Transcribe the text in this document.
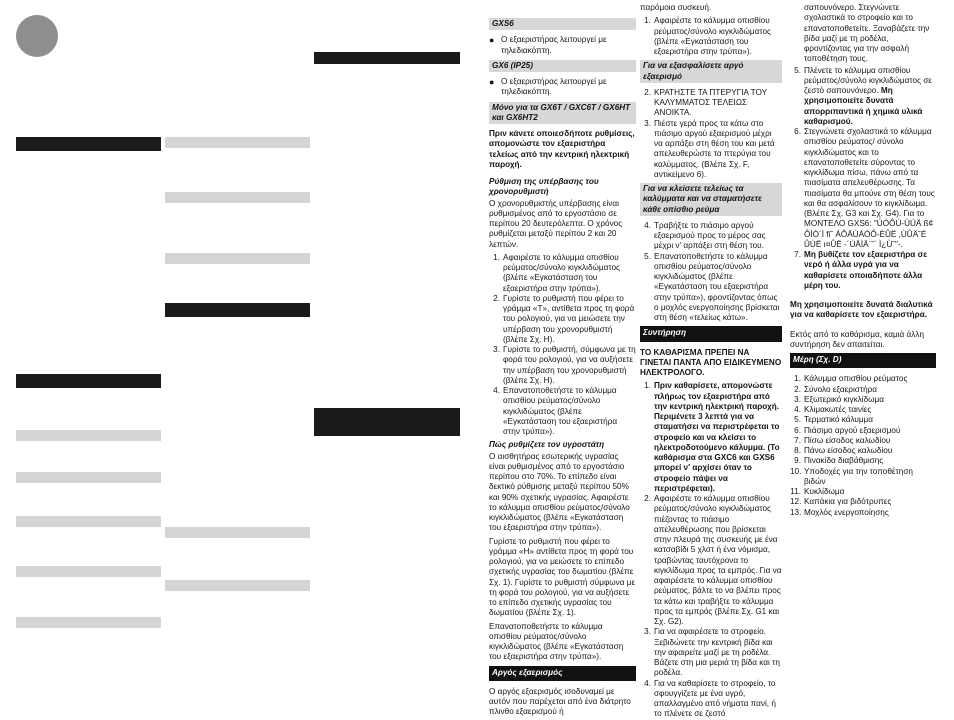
GXS6
● Ο εξαεριστήρας λειτουργεί με τηλεδιακόπτη.
GX6 (IP25)
● Ο εξαεριστήρας λειτουργεί με τηλεδιακόπτη.
Μόνο για τα GX6T / GXC6T / GX6HT και GX6HT2
Πριν κάνετε οποιεσδήποτε ρυθμίσεις, απομονώστε τον εξαεριστήρα τελείως από την κεντρική ηλεκτρική παροχή.
Ρύθμιση της υπέρβασης του χρονορυθμιστή
Ο χρονορυθμιστής υπέρβασης είναι ρυθμισμένος από το εργοστάσιο σε περίπου 20 δευτερόλεπτα. Ο χρόνος ρυθμίζεται μεταξύ περίπου 2 και 20 λεπτών.
1. Αφαιρέστε το κάλυμμα οπισθίου ρεύματος/σύνολο κιγκλιδώματος (βλέπε «Εγκατάσταση του εξαεριστήρα στην τρύπα»).
2. Γυρίστε το ρυθμιστή που φέρει το γράμμα «T», αντίθετα προς τη φορά του ρολογιού, για να μειώσετε την υπέρβαση του χρονορυθμιστή (βλέπε Σχ. H).
3. Γυρίστε το ρυθμιστή, σύμφωνα με τη φορά του ρολογιού, για να αυξήσετε την υπέρβαση του χρονορυθμιστή (βλέπε Σχ. H).
4. Επανατοποθετήστε το κάλυμμα οπισθίου ρεύματος/σύνολο κιγκλιδώματος (βλέπε «Εγκατάσταση του εξαεριστήρα στην τρύπα»).
Πώς ρυθμίζετε τον υγροστάτη
Ο αισθητήρας εσωτερικής υγρασίας είναι ρυθμισμένος από το εργοστάσιο περίπου στο 70%. Το επίπεδο είναι δεκτικό ρύθμισης μεταξύ περίπου 50% και 90% σχετικής υγρασίας. Αφαιρέστε το κάλυμμα οπισθίου ρεύματος/σύνολο κιγκλιδώματος (βλέπε «Εγκατάσταση του εξαεριστήρα στην τρύπα»).
Γυρίστε το ρυθμιστή που φέρει το γράμμα «H» αντίθετα προς τη φορά του ρολογιού, για να μειώσετε το επίπεδο σχετικής υγρασίας του δωματίου (βλέπε Σχ. 1). Γυρίστε το ρυθμιστή σύμφωνα με τη φορά του ρολογιού, για να αυξήσετε το επίπεδο σχετικής υγρασίας του δωματίου (βλέπε Σχ. 1).
Επανατοποθετήστε το κάλυμμα οπισθίου ρεύματος/σύνολο κιγκλιδώματος (βλέπε «Εγκατάσταση του εξαεριστήρα στην τρύπα»).
Αργός εξαερισμός
Ο αργός εξαερισμός ισοδυναμεί με αυτόν που παρέχεται από ένα διάτρητο πλινθο εξαερισμού ή
παρόμοια συσκευή.
1. Αφαιρέστε το κάλυμμα οπισθίου ρεύματος/σύνολο κιγκλιδώματος (βλέπε «Εγκατάσταση του εξαεριστήρα στην τρύπα»).
Για να εξασφαλίσετε αργό εξαερισμό
2. ΚΡΑΤΗΣΤΕ ΤΑ ΠΤΕΡΥΓΙΑ ΤΟΥ ΚΑΛΥΜΜΑΤΟΣ ΤΕΛΕΙΩΣ ΑΝΟΙΚΤΑ.
3. Πιέστε γερά προς τα κάτω στο πιάσιμο αργού εξαερισμού μέχρι να αρπάξει στη θέση του και μετά απελευθερώστε τα πτερύγια του καλύμματος. (Βλέπε Σχ. F, αντικείμενο 6).
Για να κλείσετε τελείως τα καλύμματα και να σταματήσετε κάθε οπίσθιο ρεύμα
4. Τραβήξτε το πιάσιμο αργού εξαερισμού προς το μέρος σας μέχρι ν' αρπάξει στη θέση του.
5. Επανατοποθετήστε το κάλυμμα οπισθίου ρεύματος/σύνολο κιγκλιδώματος (βλέπε «Εγκατάσταση του εξαεριστήρα στην τρύπα»), φροντίζοντας όπως ο μοχλός ενεργοποίησης βρίσκεται στη θέση «τελείως κάτω».
Συντήρηση
ΤΟ ΚΑΘΑΡΙΣΜΑ ΠΡΕΠΕΙ ΝΑ ΓΙΝΕΤΑΙ ΠΑΝΤΑ ΑΠΟ ΕΙΔΙΚΕΥΜΕΝΟ ΗΛΕΚΤΡΟΛΟΓΟ.
1. Πριν καθαρίσετε, απομονώστε πλήρως τον εξαεριστήρα από την κεντρική ηλεκτρική παροχή. Περιμένετε 3 λεπτά για να σταματήσει να περιστρέφεται το στροφείο και να κλείσει το ηλεκτροδοτούμενο κάλυμμα. (Το καθάρισμα στα GXC6 και GXS6 μπορεί ν' αρχίσει όταν το στροφείο πάψει να περιστρέφεται).
2. Αφαιρέστε το κάλυμμα οπισθίου ρεύματος/σύνολο κιγκλιδώματος πιέζοντας το πιάσιμο απελευθέρωσης που βρίσκεται στην πλευρά της συσκευής με ένα κατσαβίδι 5 χλστ ή ένα νόμισμα, τραβώντας ταυτόχρονα το κιγκλίδωμα προς τα εμπρός. Για να αφαιρέσετε το κάλυμμα οπισθίου ρεύματος, βάλτε το να βλέπει προς τα κάτω και τραβήξτε το κάλυμμα προς τα εμπρός (βλέπε Σχ. G1 και Σχ. G2).
3. Για να αφαιρέσετε το στροφείο. Ξεβιδώνετε την κεντρική βίδα και την αφαιρείτε μαζί με τη ροδέλα. Βάζετε στη μια μεριά τη βίδα και τη ροδέλα.
4. Για να καθαρίσετε το στροφείο, το σφουγγίζετε με ένα υγρό, απαλλαγμένο από νήματα πανί, ή το πλένετε σε ζεστό
σαπουνόνερο. Στεγνώνετε σχολαστικά το στροφείο και το επανατοποθετείτε. Ξαναβάζετε την βίδα μαζί με τη ροδέλα, φροντίζοντας για την ασφαλή τοποθέτηση τους.
5. Πλένετε το κάλυμμα οπισθίου ρεύματος/σύνολο κιγκλιδώματος σε ζεστό σαπουνόνερο. Μη χρησιμοποιείτε δυνατά απορριπαντικά ή χημικά υλικά καθαρισμού.
6. Στεγνώνετε σχολαστικά το κάλυμμα οπισθίου ρεύματος/ σύνολο κιγκλιδώματος και το επανατοποθετείτε σύροντας το κιγκλίδωμα πίσω, πάνω από τα πιασίματα απελευθέρωσης. Τα πιασίματα θα μπούνε στη θέση τους και θα ασφαλίσουν το κιγκλίδωμα. (Βλέπε Σχ. G3 και Σχ. G4). Για το ΜΟΝΤΕΛΟ GXS6: "ÙÓÔÙ-ÙÚÄ ß¢ ÔÌÒ´Ì fi˘ ÁÔÄÙÁÓÔ-ÈÛË ,ÙÛÄ˘É ÛÙË ı¤ÛË -´ÙÄÌÄ˙˘´ Ì¿Ù˘"-.
7. Μη βυθίζετε τον εξαεριστήρα σε νερό ή άλλα υγρά για να καθαρίσετε οποιαδήποτε άλλα μέρη του.
Μη χρησιμοποιείτε δυνατά διαλυτικά για να καθαρίσετε τον εξαεριστήρα.
Εκτός από το καθάρισμα, καμιά άλλη συντήρηση δεν απαιτείται.
Μέρη (Σχ. D)
1. Κάλυμμα οπισθίου ρεύματος
2. Σύνολο εξαεριστήρα
3. Εξωτερικό κιγκλίδωμα
4. Κλιμακωτές ταινίες
5. Τερματικό κάλυμμα
6. Πιάσιμο αργού εξαερισμού
7. Πίσω είσοδος καλωδίου
8. Πάνω είσοδος καλωδίου
9. Πινακίδα διαβάθμισης
10. Υποδοχές για την τοποθέτηση βιδών
11. Κυκλίδωμα
12. Καπάκια για βιδότρυπες
13. Μοχλός ενεργοποίησης
